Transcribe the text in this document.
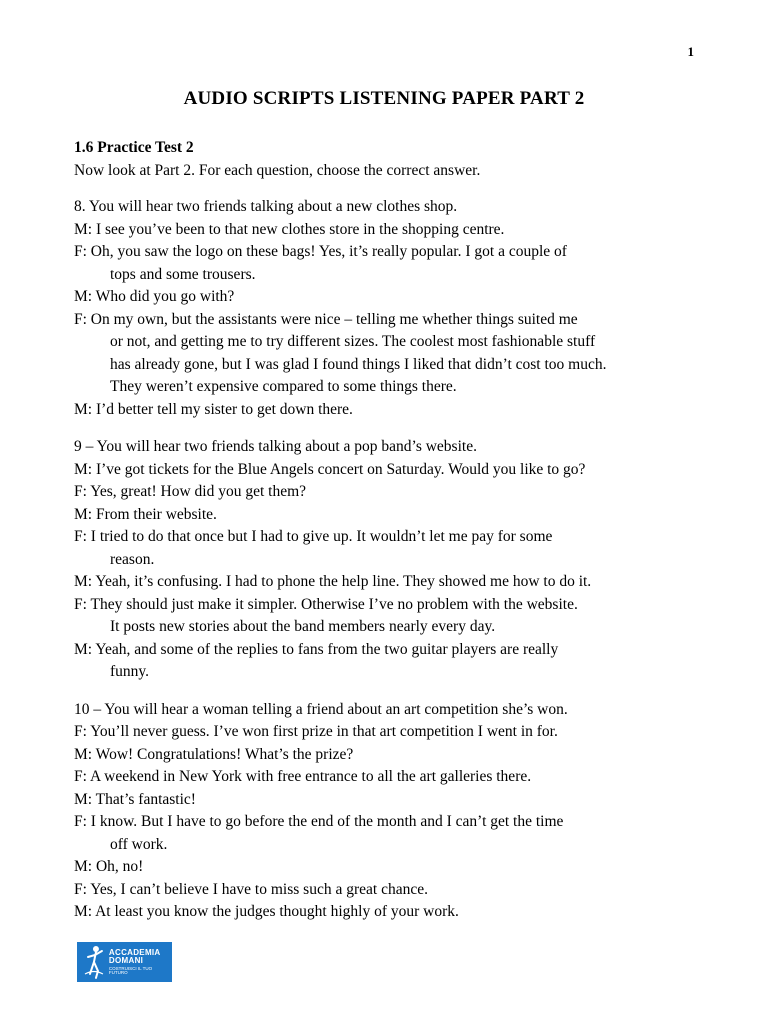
1
AUDIO SCRIPTS LISTENING PAPER PART 2
1.6 Practice Test 2
Now look at Part 2. For each question, choose the correct answer.
8. You will hear two friends talking about a new clothes shop.
M: I see you’ve been to that new clothes store in the shopping centre.
F: Oh, you saw the logo on these bags! Yes, it’s really popular. I got a couple of
tops and some trousers.
M: Who did you go with?
F: On my own, but the assistants were nice – telling me whether things suited me
or not, and getting me to try different sizes. The coolest most fashionable stuff
has already gone, but I was glad I found things I liked that didn’t cost too much.
They weren’t expensive compared to some things there.
M: I’d better tell my sister to get down there.
9 – You will hear two friends talking about a pop band’s website.
M: I’ve got tickets for the Blue Angels concert on Saturday. Would you like to go?
F: Yes, great! How did you get them?
M: From their website.
F: I tried to do that once but I had to give up. It wouldn’t let me pay for some
reason.
M: Yeah, it’s confusing. I had to phone the help line. They showed me how to do it.
F: They should just make it simpler. Otherwise I’ve no problem with the website.
It posts new stories about the band members nearly every day.
M: Yeah, and some of the replies to fans from the two guitar players are really
funny.
10 – You will hear a woman telling a friend about an art competition she’s won.
F: You’ll never guess. I’ve won first prize in that art competition I went in for.
M: Wow! Congratulations! What’s the prize?
F: A weekend in New York with free entrance to all the art galleries there.
M: That’s fantastic!
F: I know. But I have to go before the end of the month and I can’t get the time
off work.
M: Oh, no!
F: Yes, I can’t believe I have to miss such a great chance.
M: At least you know the judges thought highly of your work.
ACCADEMIA
DOMANI
COSTRUISCI IL TUO FUTURO
